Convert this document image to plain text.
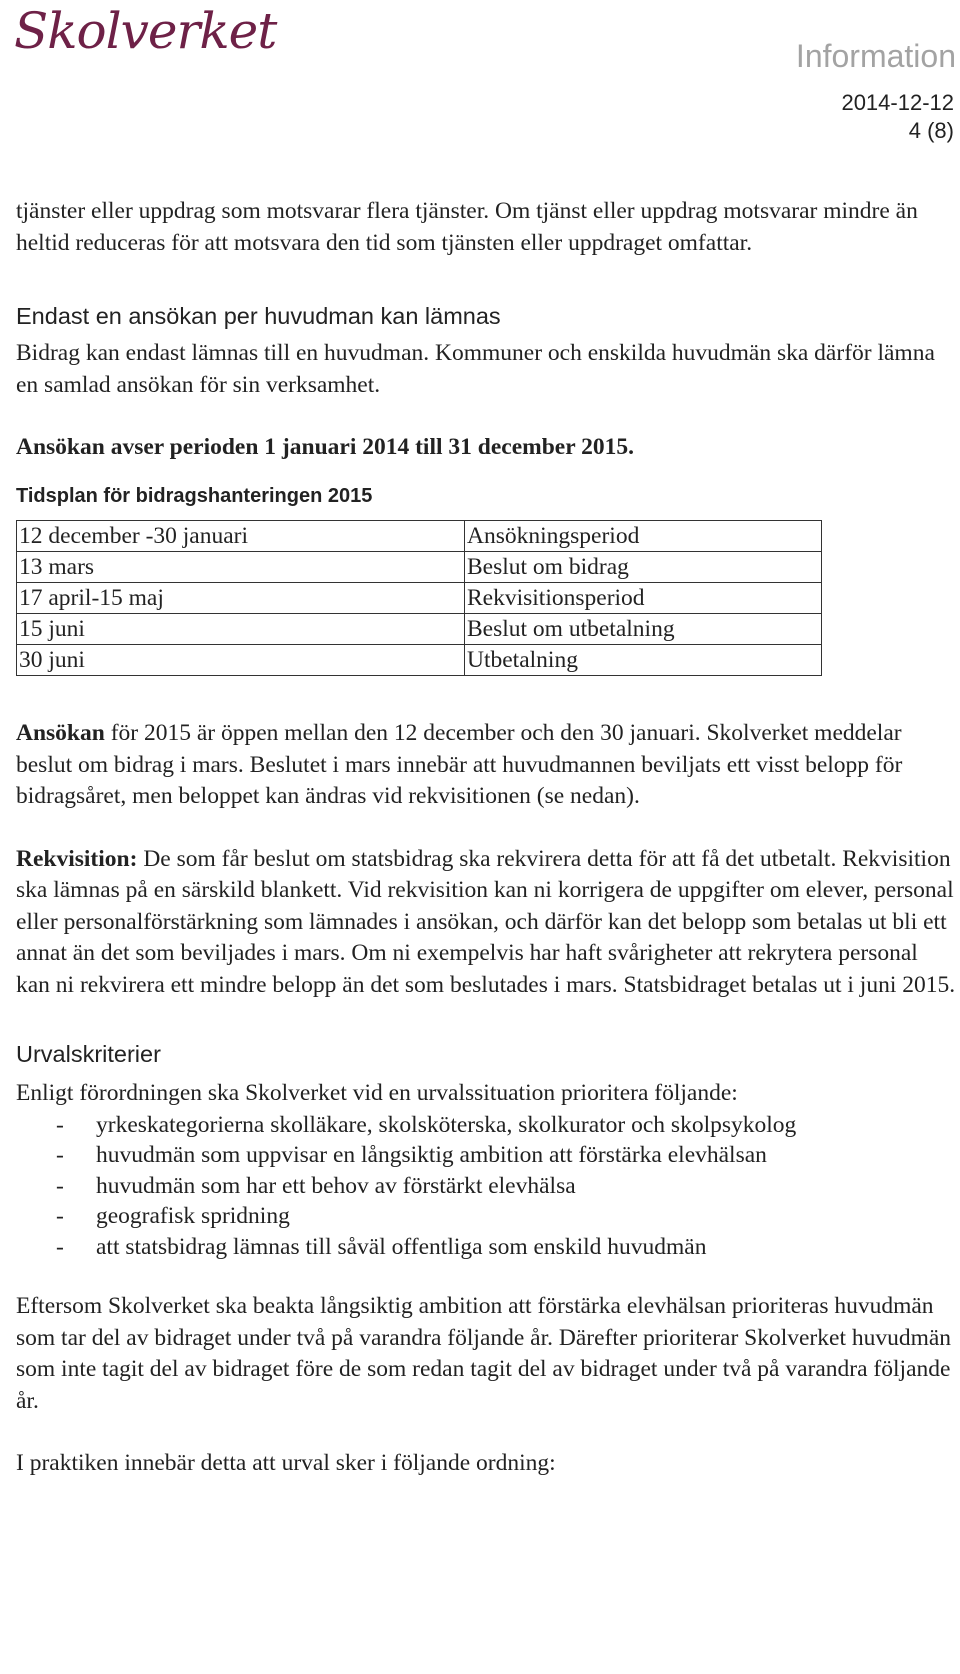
Skolverket	Information

2014-12-12

4 (8)

tjänster eller uppdrag som motsvarar flera tjänster. Om tjänst eller uppdrag motsvarar mindre än heltid reduceras för att motsvara den tid som tjänsten eller uppdraget omfattar.

Endast en ansökan per huvudman kan lämnas

Bidrag kan endast lämnas till en huvudman. Kommuner och enskilda huvudmän ska därför lämna en samlad ansökan för sin verksamhet.

Ansökan avser perioden 1 januari 2014 till 31 december 2015.

Tidsplan för bidragshanteringen 2015

12 december -30 januari	Ansökningsperiod
13 mars	Beslut om bidrag
17 april-15 maj	Rekvisitionsperiod
15 juni	Beslut om utbetalning
30 juni	Utbetalning

Ansökan för 2015 är öppen mellan den 12 december och den 30 januari. Skolverket meddelar beslut om bidrag i mars. Beslutet i mars innebär att huvudmannen beviljats ett visst belopp för bidragsåret, men beloppet kan ändras vid rekvisitionen (se nedan).

Rekvisition: De som får beslut om statsbidrag ska rekvirera detta för att få det utbetalt. Rekvisition ska lämnas på en särskild blankett. Vid rekvisition kan ni korrigera de uppgifter om elever, personal eller personalförstärkning som lämnades i ansökan, och därför kan det belopp som betalas ut bli ett annat än det som beviljades i mars. Om ni exempelvis har haft svårigheter att rekrytera personal kan ni rekvirera ett mindre belopp än det som beslutades i mars. Statsbidraget betalas ut i juni 2015.

Urvalskriterier

Enligt förordningen ska Skolverket vid en urvalssituation prioritera följande:

- yrkeskategorierna skolläkare, skolsköterska, skolkurator och skolpsykolog
- huvudmän som uppvisar en långsiktig ambition att förstärka elevhälsan
- huvudmän som har ett behov av förstärkt elevhälsa
- geografisk spridning
- att statsbidrag lämnas till såväl offentliga som enskild huvudmän

Eftersom Skolverket ska beakta långsiktig ambition att förstärka elevhälsan prioriteras huvudmän som tar del av bidraget under två på varandra följande år. Därefter prioriterar Skolverket huvudmän som inte tagit del av bidraget före de som redan tagit del av bidraget under två på varandra följande år.

I praktiken innebär detta att urval sker i följande ordning:
